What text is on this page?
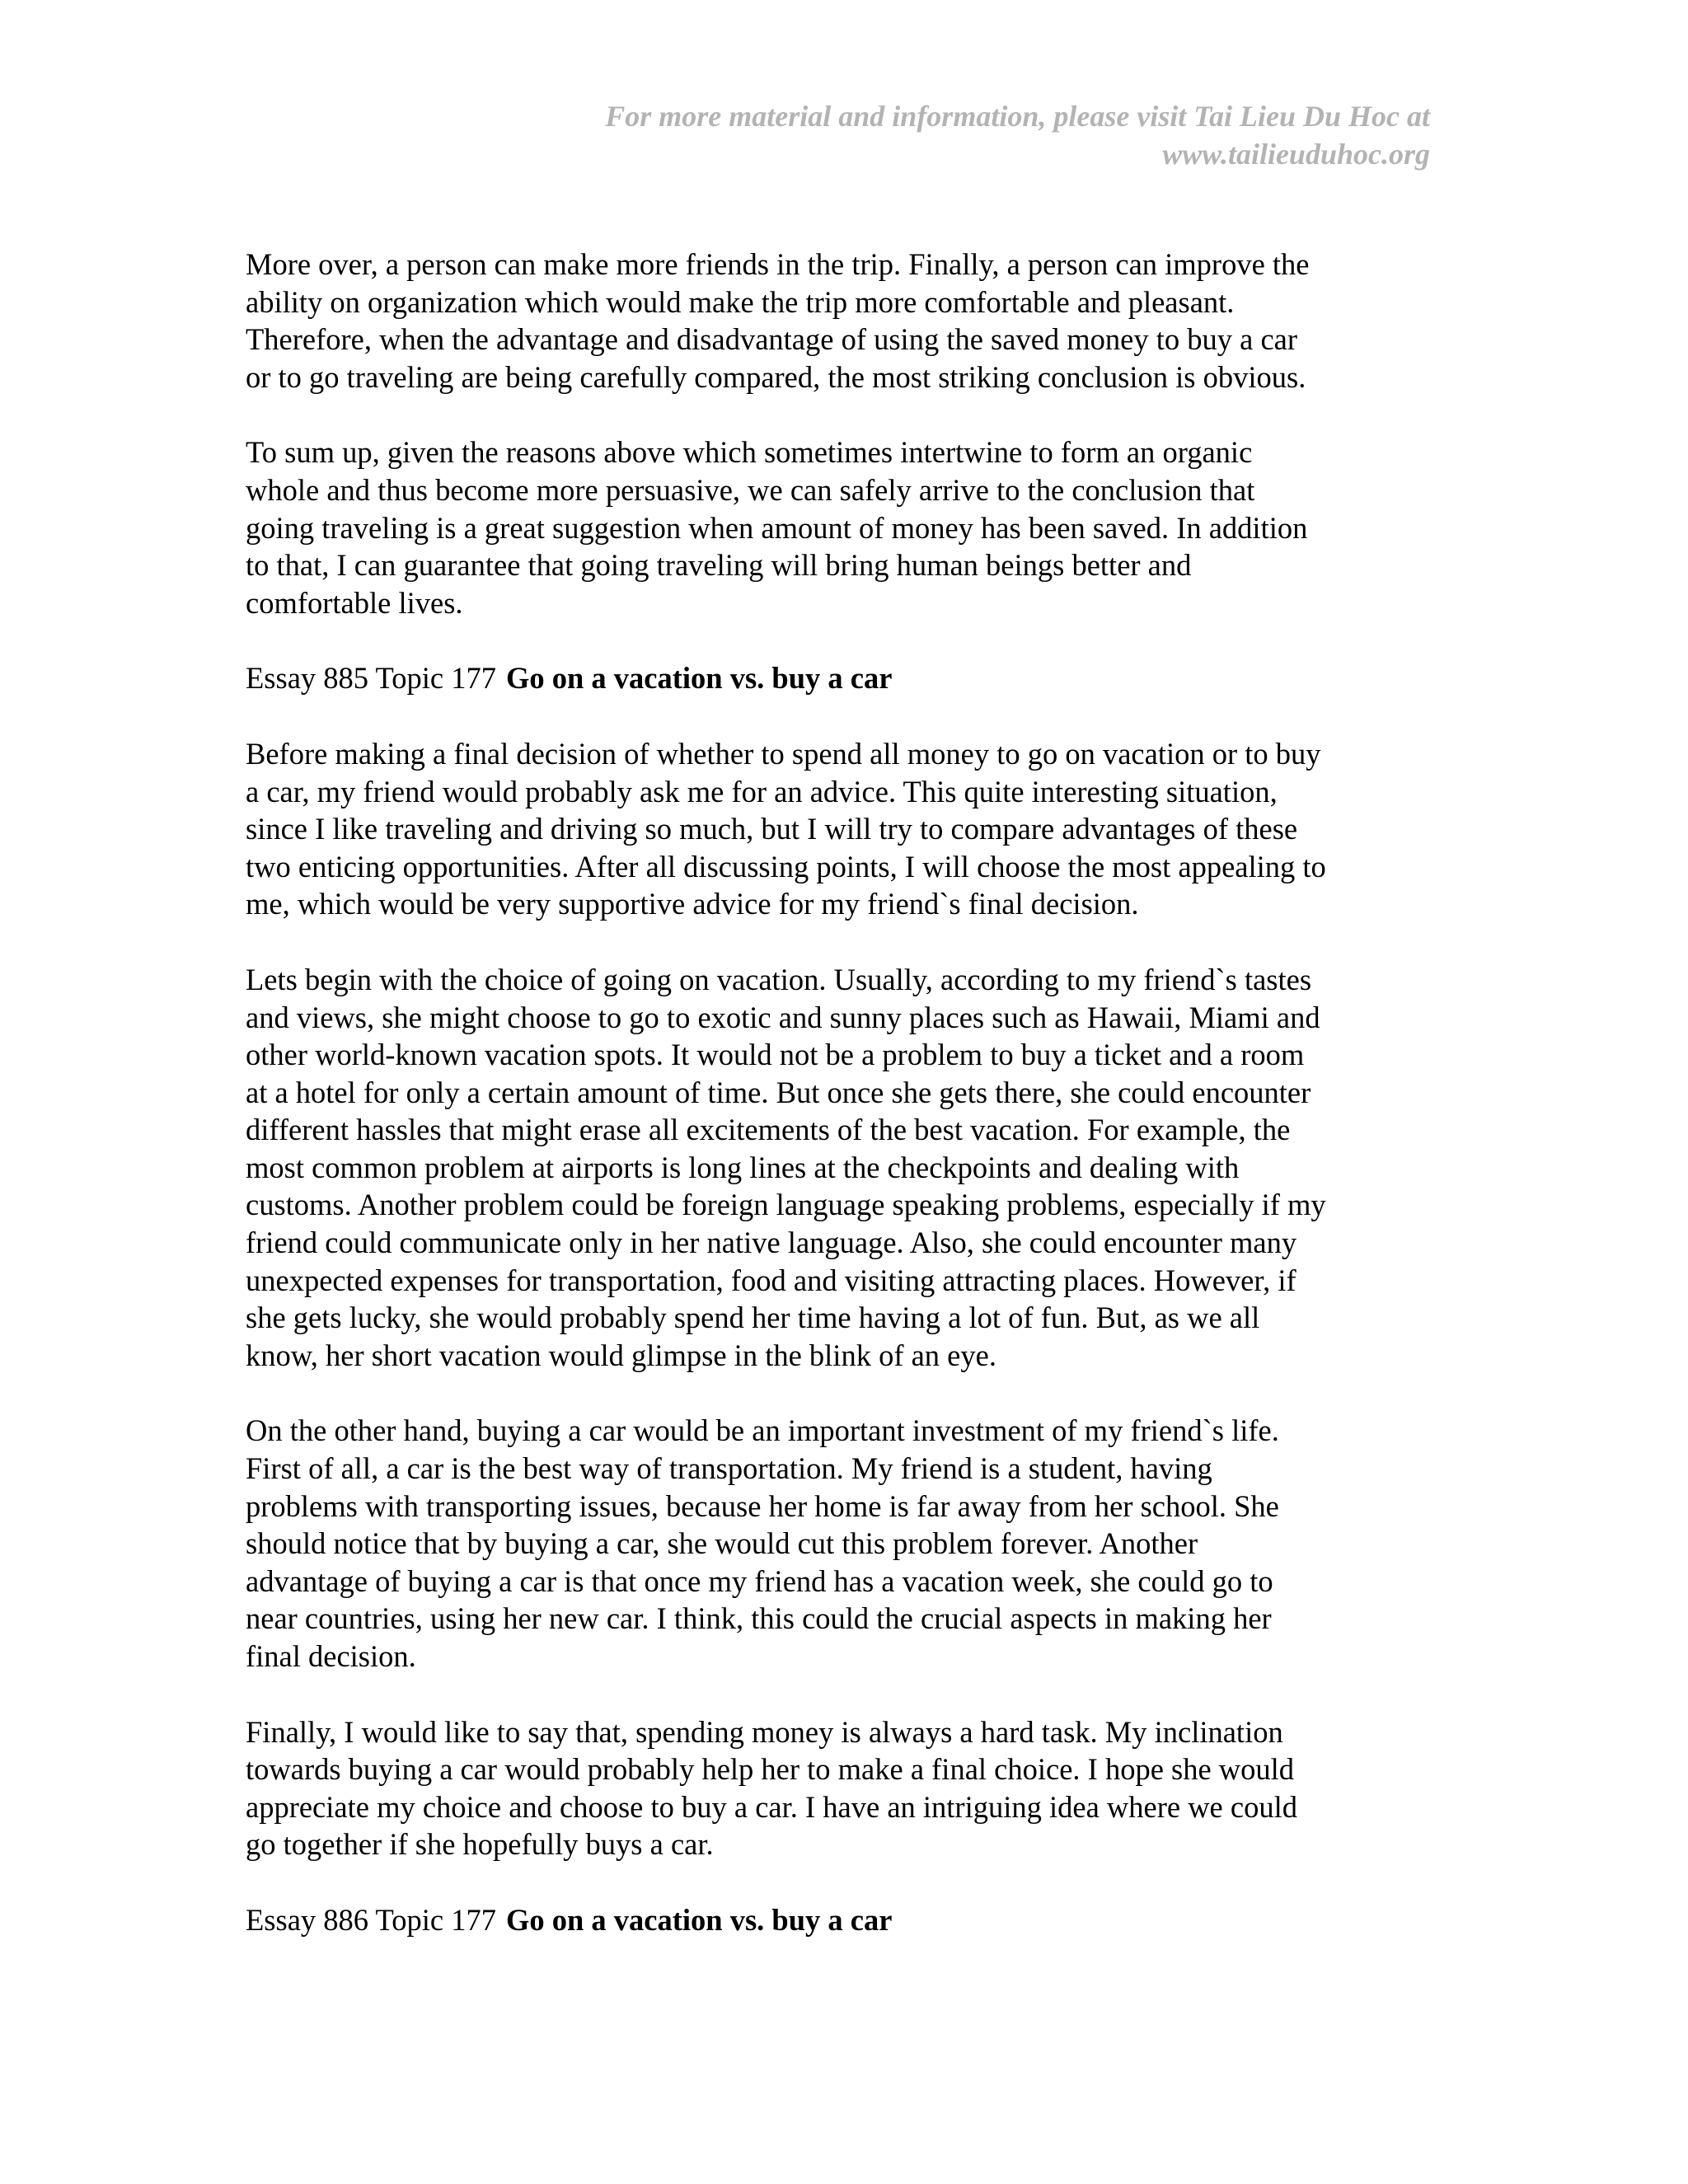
For more material and information, please visit Tai Lieu Du Hoc at
www.tailieuduhoc.org
More over, a person can make more friends in the trip. Finally, a person can improve the
ability on organization which would make the trip more comfortable and pleasant.
Therefore, when the advantage and disadvantage of using the saved money to buy a car
or to go traveling are being carefully compared, the most striking conclusion is obvious.
To sum up, given the reasons above which sometimes intertwine to form an organic
whole and thus become more persuasive, we can safely arrive to the conclusion that
going traveling is a great suggestion when amount of money has been saved. In addition
to that, I can guarantee that going traveling will bring human beings better and
comfortable lives.
Essay 885 Topic 177 Go on a vacation vs. buy a car
Before making a final decision of whether to spend all money to go on vacation or to buy
a car, my friend would probably ask me for an advice. This quite interesting situation,
since I like traveling and driving so much, but I will try to compare advantages of these
two enticing opportunities. After all discussing points, I will choose the most appealing to
me, which would be very supportive advice for my friend`s final decision.
Lets begin with the choice of going on vacation. Usually, according to my friend`s tastes
and views, she might choose to go to exotic and sunny places such as Hawaii, Miami and
other world-known vacation spots. It would not be a problem to buy a ticket and a room
at a hotel for only a certain amount of time. But once she gets there, she could encounter
different hassles that might erase all excitements of the best vacation. For example, the
most common problem at airports is long lines at the checkpoints and dealing with
customs. Another problem could be foreign language speaking problems, especially if my
friend could communicate only in her native language. Also, she could encounter many
unexpected expenses for transportation, food and visiting attracting places. However, if
she gets lucky, she would probably spend her time having a lot of fun. But, as we all
know, her short vacation would glimpse in the blink of an eye.
On the other hand, buying a car would be an important investment of my friend`s life.
First of all, a car is the best way of transportation. My friend is a student, having
problems with transporting issues, because her home is far away from her school. She
should notice that by buying a car, she would cut this problem forever. Another
advantage of buying a car is that once my friend has a vacation week, she could go to
near countries, using her new car. I think, this could the crucial aspects in making her
final decision.
Finally, I would like to say that, spending money is always a hard task. My inclination
towards buying a car would probably help her to make a final choice. I hope she would
appreciate my choice and choose to buy a car. I have an intriguing idea where we could
go together if she hopefully buys a car.
Essay 886 Topic 177 Go on a vacation vs. buy a car
